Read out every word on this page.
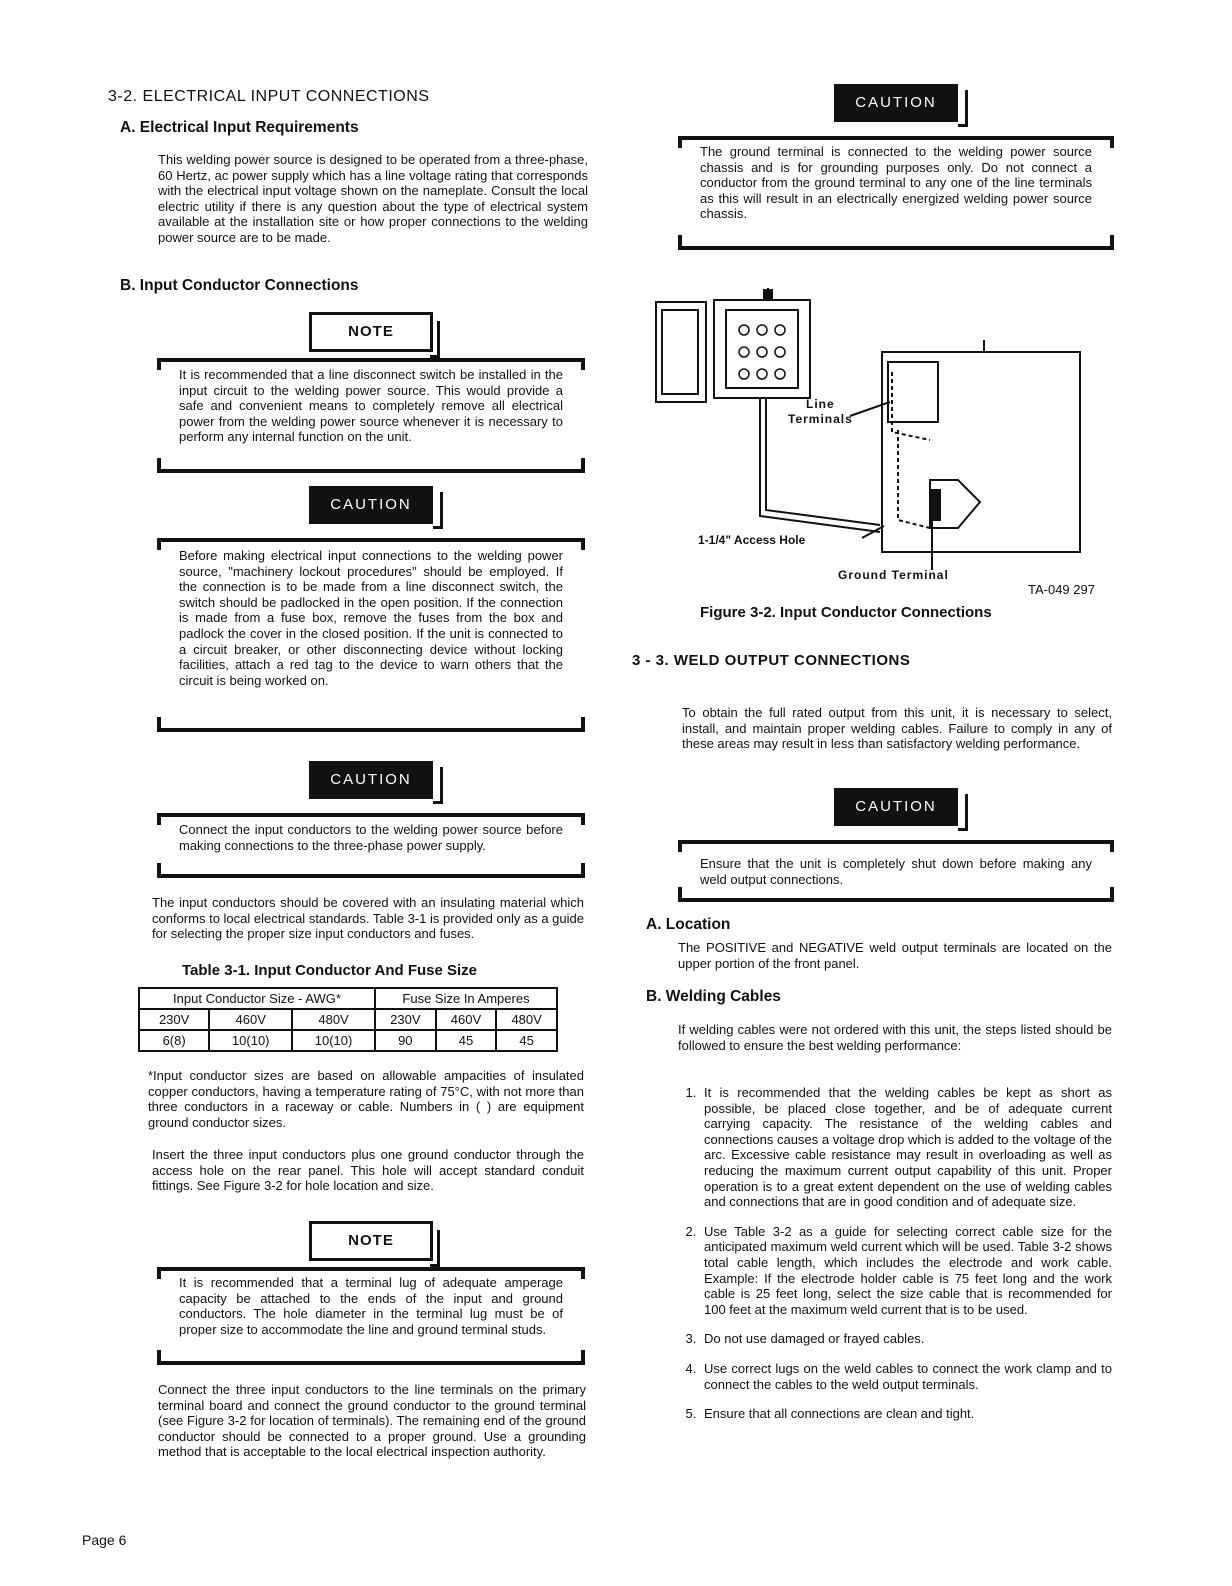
3-2. ELECTRICAL INPUT CONNECTIONS
A. Electrical Input Requirements

This welding power source is designed to be operated from a three-phase, 60 Hertz, ac power supply which has a line voltage rating that corresponds with the electrical input voltage shown on the nameplate. Consult the local electric utility if there is any question about the type of electrical system available at the installation site or how proper connections to the welding power source are to be made.

B. Input Conductor Connections
NOTE
It is recommended that a line disconnect switch be installed in the input circuit to the welding power source. This would provide a safe and convenient means to completely remove all electrical power from the welding power source whenever it is necessary to perform any internal function on the unit.
CAUTION
Before making electrical input connections to the welding power source, "machinery lockout procedures" should be employed. If the connection is to be made from a line disconnect switch, the switch should be padlocked in the open position. If the connection is made from a fuse box, remove the fuses from the box and padlock the cover in the closed position. If the unit is connected to a circuit breaker, or other disconnecting device without locking facilities, attach a red tag to the device to warn others that the circuit is being worked on.
CAUTION
Connect the input conductors to the welding power source before making connections to the three-phase power supply.

The input conductors should be covered with an insulating material which conforms to local electrical standards. Table 3-1 is provided only as a guide for selecting the proper size input conductors and fuses.

Table 3-1. Input Conductor And Fuse Size
Input Conductor Size - AWG*			Fuse Size In Amperes		
230V	460V	480V	230V	460V	480V
6(8)	10(10)	10(10)	90	45	45

*Input conductor sizes are based on allowable ampacities of insulated copper conductors, having a temperature rating of 75°C, with not more than three conductors in a raceway or cable. Numbers in ( ) are equipment ground conductor sizes.

Insert the three input conductors plus one ground conductor through the access hole on the rear panel. This hole will accept standard conduit fittings. See Figure 3-2 for hole location and size.

NOTE
It is recommended that a terminal lug of adequate amperage capacity be attached to the ends of the input and ground conductors. The hole diameter in the terminal lug must be of proper size to accommodate the line and ground terminal studs.

Connect the three input conductors to the line terminals on the primary terminal board and connect the ground conductor to the ground terminal (see Figure 3-2 for location of terminals). The remaining end of the ground conductor should be connected to a proper ground. Use a grounding method that is acceptable to the local electrical inspection authority.

Page 6
CAUTION
The ground terminal is connected to the welding power source chassis and is for grounding purposes only. Do not connect a conductor from the ground terminal to any one of the line terminals as this will result in an electrically energized welding power source chassis.
Line
Terminals
1-1/4" Access Hole
Ground Terminal
TA-049 297
Figure 3-2. Input Conductor Connections
3 - 3. WELD OUTPUT CONNECTIONS

To obtain the full rated output from this unit, it is necessary to select, install, and maintain proper welding cables. Failure to comply in any of these areas may result in less than satisfactory welding performance.

CAUTION
Ensure that the unit is completely shut down before making any weld output connections.
A. Location

The POSITIVE and NEGATIVE weld output terminals are located on the upper portion of the front panel.

B. Welding Cables

If welding cables were not ordered with this unit, the steps listed should be followed to ensure the best welding performance:

1. It is recommended that the welding cables be kept as short as possible, be placed close together, and be of adequate current carrying capacity. The resistance of the welding cables and connections causes a voltage drop which is added to the voltage of the arc. Excessive cable resistance may result in overloading as well as reducing the maximum current output capability of this unit. Proper operation is to a great extent dependent on the use of welding cables and connections that are in good condition and of adequate size.
2. Use Table 3-2 as a guide for selecting correct cable size for the anticipated maximum weld current which will be used. Table 3-2 shows total cable length, which includes the electrode and work cable. Example: If the electrode holder cable is 75 feet long and the work cable is 25 feet long, select the size cable that is recommended for 100 feet at the maximum weld current that is to be used.
3. Do not use damaged or frayed cables.
4. Use correct lugs on the weld cables to connect the work clamp and to connect the cables to the weld output terminals.
5. Ensure that all connections are clean and tight.
